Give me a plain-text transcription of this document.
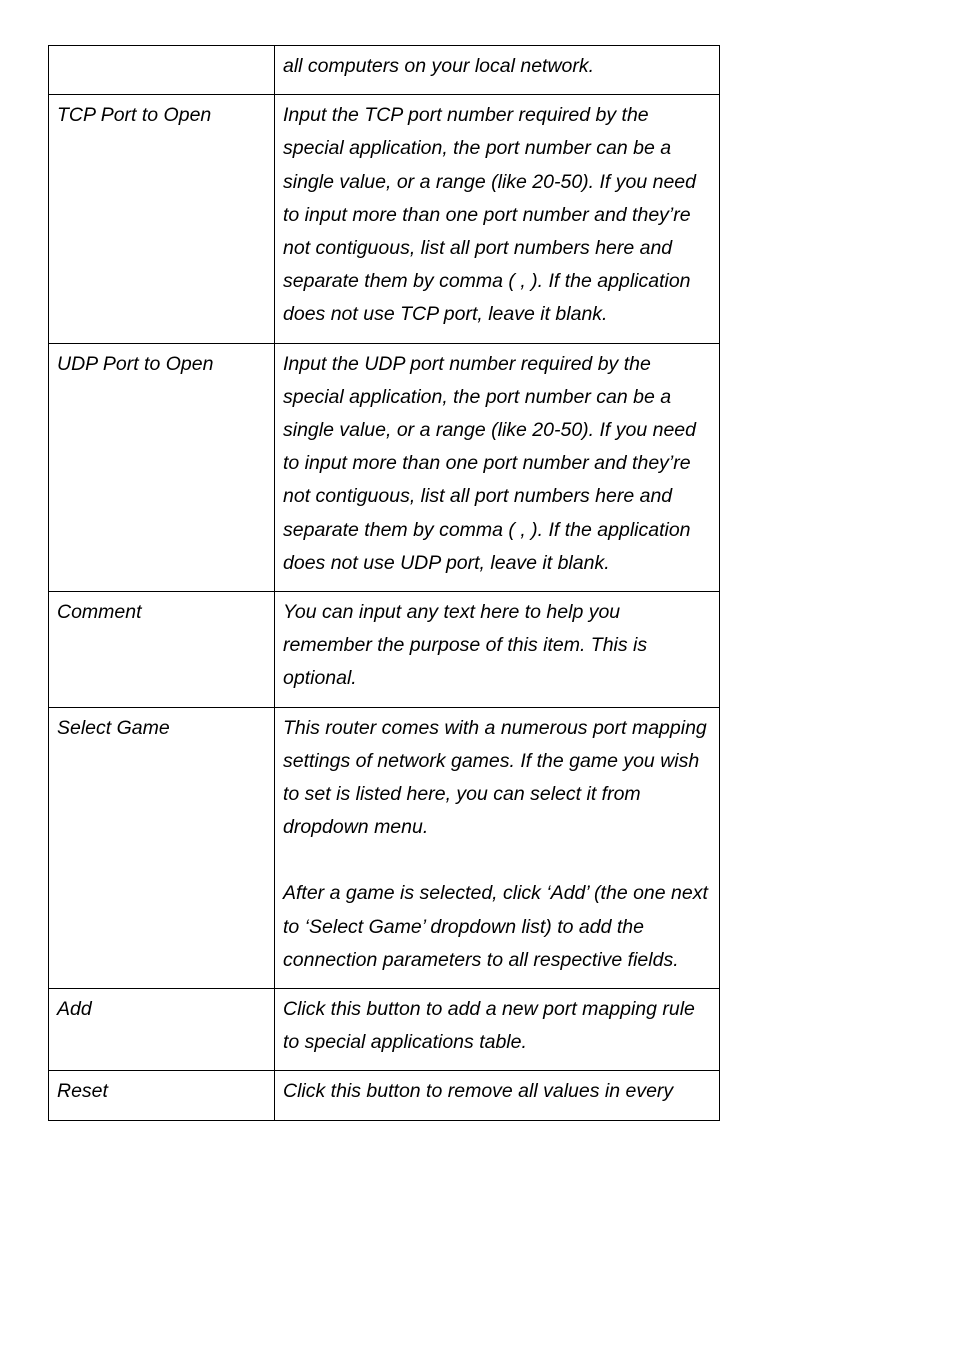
	all computers on your local network.

TCP Port to Open	Input the TCP port number required by the special application, the port number can be a single value, or a range (like 20-50). If you need to input more than one port number and they’re not contiguous, list all port numbers here and separate them by comma ( , ). If the application does not use TCP port, leave it blank.

UDP Port to Open	Input the UDP port number required by the special application, the port number can be a single value, or a range (like 20-50). If you need to input more than one port number and they’re not contiguous, list all port numbers here and separate them by comma ( , ). If the application does not use UDP port, leave it blank.

Comment	You can input any text here to help you remember the purpose of this item. This is optional.

Select Game	This router comes with a numerous port mapping settings of network games. If the game you wish to set is listed here, you can select it from dropdown menu.

After a game is selected, click ‘Add’ (the one next to ‘Select Game’ dropdown list) to add the connection parameters to all respective fields.

Add	Click this button to add a new port mapping rule to special applications table.

Reset	Click this button to remove all values in every
